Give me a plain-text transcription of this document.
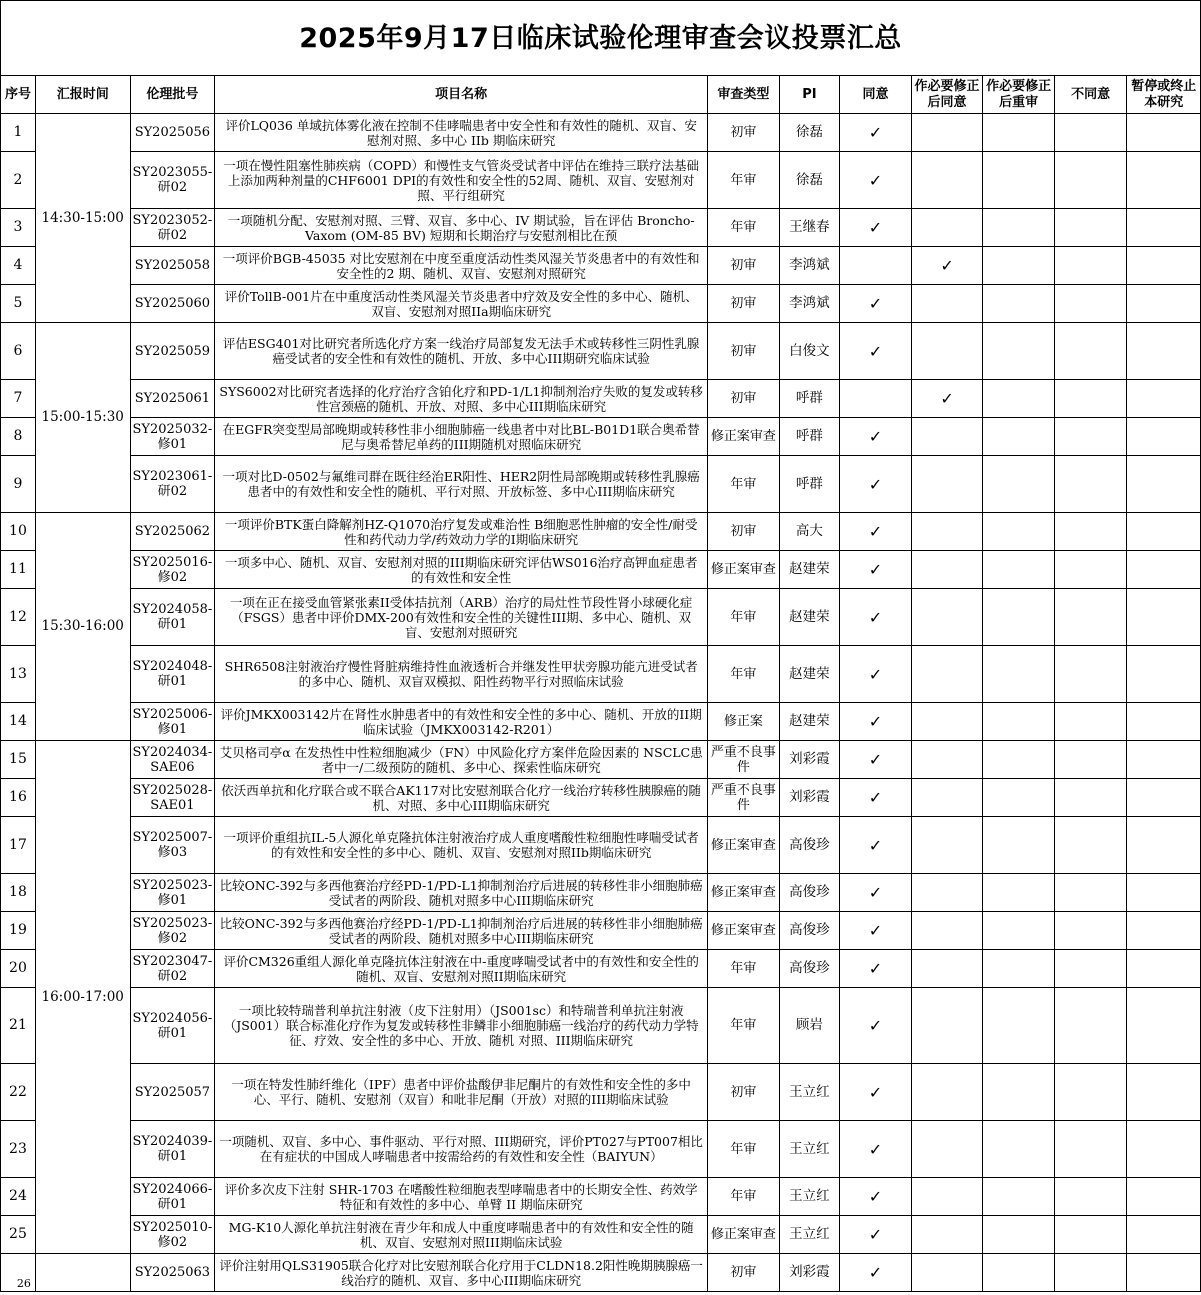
2025年9月17日临床试验伦理审查会议投票汇总										
序号	汇报时间	伦理批号	项目名称	审查类型	PI	同意	作必要修正后同意	作必要修正后重审	不同意	暂停或终止本研究
1	14:30-15:00	SY2025056	评价LQ036 单域抗体雾化液在控制不佳哮喘患者中安全性和有效性的随机、双盲、安慰剂对照、多中心 IIb 期临床研究	初审	徐磊	✓				
2		SY2023055-研02	一项在慢性阻塞性肺疾病（COPD）和慢性支气管炎受试者中评估在维持三联疗法基础上添加两种剂量的CHF6001 DPI的有效性和安全性的52周、随机、双盲、安慰剂对照、平行组研究	年审	徐磊	✓				
3		SY2023052-研02	一项随机分配、安慰剂对照、三臂、双盲、多中心、IV 期试验，旨在评估 Broncho-Vaxom (OM-85 BV) 短期和长期治疗与安慰剂相比在预	年审	王继春	✓				
4		SY2025058	一项评价BGB-45035 对比安慰剂在中度至重度活动性类风湿关节炎患者中的有效性和安全性的2 期、随机、双盲、安慰剂对照研究	初审	李鸿斌		✓			
5		SY2025060	评价TollB-001片在中重度活动性类风湿关节炎患者中疗效及安全性的多中心、随机、双盲、安慰剂对照IIa期临床研究	初审	李鸿斌	✓				
6	15:00-15:30	SY2025059	评估ESG401对比研究者所选化疗方案一线治疗局部复发无法手术或转移性三阴性乳腺癌受试者的安全性和有效性的随机、开放、多中心III期研究临床试验	初审	白俊文	✓				
7		SY2025061	SYS6002对比研究者选择的化疗治疗含铂化疗和PD-1/L1抑制剂治疗失败的复发或转移性宫颈癌的随机、开放、对照、多中心III期临床研究	初审	呼群		✓			
8		SY2025032-修01	在EGFR突变型局部晚期或转移性非小细胞肺癌一线患者中对比BL-B01D1联合奥希替尼与奥希替尼单药的III期随机对照临床研究	修正案审查	呼群	✓				
9		SY2023061-研02	一项对比D-0502与氟维司群在既往经治ER阳性、HER2阴性局部晚期或转移性乳腺癌患者中的有效性和安全性的随机、平行对照、开放标签、多中心III期临床研究	年审	呼群	✓				
10	15:30-16:00	SY2025062	一项评价BTK蛋白降解剂HZ-Q1070治疗复发或难治性 B细胞恶性肿瘤的安全性/耐受性和药代动力学/药效动力学的I期临床研究	初审	高大	✓				
11		SY2025016-修02	一项多中心、随机、双盲、安慰剂对照的III期临床研究评估WS016治疗高钾血症患者的有效性和安全性	修正案审查	赵建荣	✓				
12		SY2024058-研01	一项在正在接受血管紧张素II受体拮抗剂（ARB）治疗的局灶性节段性肾小球硬化症（FSGS）患者中评价DMX-200有效性和安全性的关键性III期、多中心、随机、双盲、安慰剂对照研究	年审	赵建荣	✓				
13		SY2024048-研01	SHR6508注射液治疗慢性肾脏病维持性血液透析合并继发性甲状旁腺功能亢进受试者的多中心、随机、双盲双模拟、阳性药物平行对照临床试验	年审	赵建荣	✓				
14		SY2025006-修01	评价JMKX003142片在肾性水肿患者中的有效性和安全性的多中心、随机、开放的II期临床试验（JMKX003142-R201）	修正案	赵建荣	✓				
15	16:00-17:00	SY2024034-SAE06	艾贝格司亭α 在发热性中性粒细胞减少（FN）中风险化疗方案伴危险因素的 NSCLC患者中一/二级预防的随机、多中心、探索性临床研究	严重不良事件	刘彩霞	✓				
16		SY2025028-SAE01	依沃西单抗和化疗联合或不联合AK117对比安慰剂联合化疗一线治疗转移性胰腺癌的随机、对照、多中心III期临床研究	严重不良事件	刘彩霞	✓				
17		SY2025007-修03	一项评价重组抗IL-5人源化单克隆抗体注射液治疗成人重度嗜酸性粒细胞性哮喘受试者的有效性和安全性的多中心、随机、双盲、安慰剂对照IIb期临床研究	修正案审查	高俊珍	✓				
18		SY2025023-修01	比较ONC-392与多西他赛治疗经PD-1/PD-L1抑制剂治疗后进展的转移性非小细胞肺癌受试者的两阶段、随机对照多中心III期临床研究	修正案审查	高俊珍	✓				
19		SY2025023-修02	比较ONC-392与多西他赛治疗经PD-1/PD-L1抑制剂治疗后进展的转移性非小细胞肺癌受试者的两阶段、随机对照多中心III期临床研究	修正案审查	高俊珍	✓				
20		SY2023047-研02	评价CM326重组人源化单克隆抗体注射液在中-重度哮喘受试者中的有效性和安全性的随机、双盲、安慰剂对照II期临床研究	年审	高俊珍	✓				
21		SY2024056-研01	一项比较特瑞普利单抗注射液（皮下注射用）（JS001sc）和特瑞普利单抗注射液（JS001）联合标准化疗作为复发或转移性非鳞非小细胞肺癌一线治疗的药代动力学特征、疗效、安全性的多中心、开放、随机 对照、III期临床研究	年审	顾岩	✓				
22		SY2025057	一项在特发性肺纤维化（IPF）患者中评价盐酸伊非尼酮片的有效性和安全性的多中心、平行、随机、安慰剂（双盲）和吡非尼酮（开放）对照的III期临床试验	初审	王立红	✓				
23		SY2024039-研01	一项随机、双盲、多中心、事件驱动、平行对照、III期研究，评价PT027与PT007相比在有症状的中国成人哮喘患者中按需给药的有效性和安全性（BAIYUN）	年审	王立红	✓				
24		SY2024066-研01	评价多次皮下注射 SHR-1703 在嗜酸性粒细胞表型哮喘患者中的长期安全性、药效学特征和有效性的多中心、单臂 II 期临床研究	年审	王立红	✓				
25		SY2025010-修02	MG-K10人源化单抗注射液在青少年和成人中重度哮喘患者中的有效性和安全性的随机、双盲、安慰剂对照III期临床试验	修正案审查	王立红	✓				
26		SY2025063	评价注射用QLS31905联合化疗对比安慰剂联合化疗用于CLDN18.2阳性晚期胰腺癌一线治疗的随机、双盲、多中心III期临床研究	初审	刘彩霞	✓				
